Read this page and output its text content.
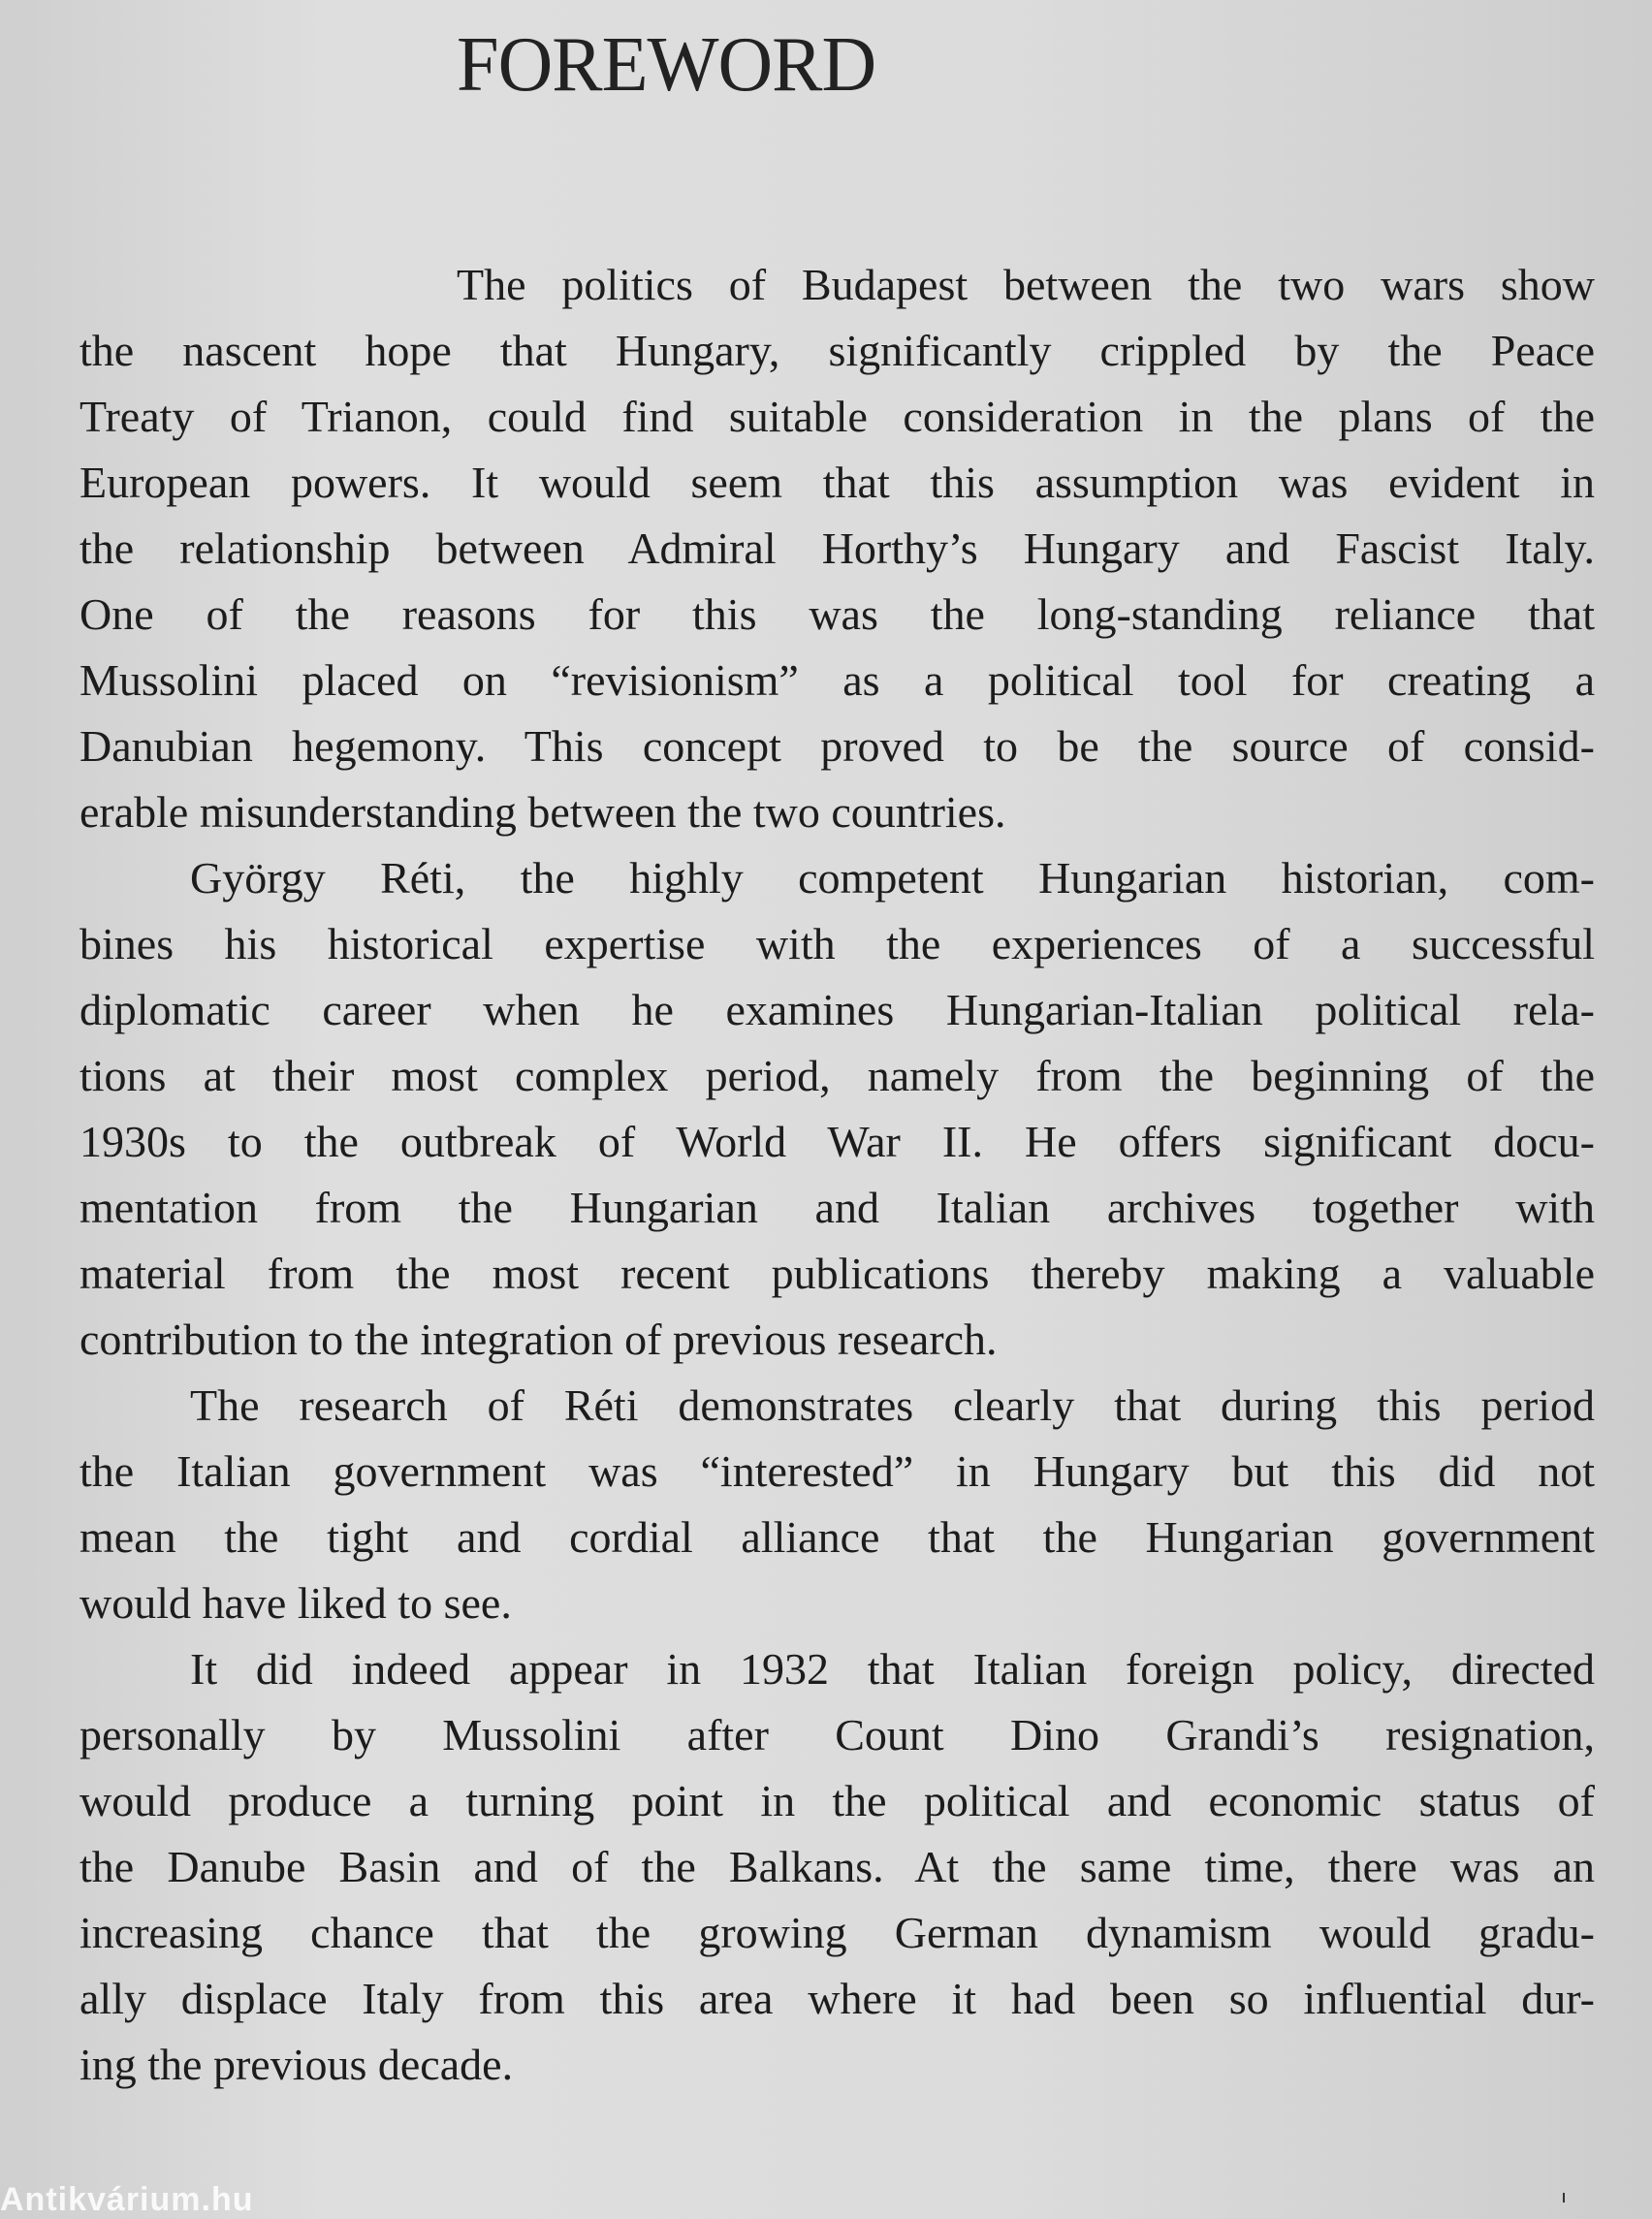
FOREWORD
The politics of Budapest between the two wars show
the nascent hope that Hungary, significantly crippled by the Peace
Treaty of Trianon, could find suitable consideration in the plans of the
European powers. It would seem that this assumption was evident in
the relationship between Admiral Horthy’s Hungary and Fascist Italy.
One of the reasons for this was the long-standing reliance that
Mussolini placed on “revisionism” as a political tool for creating a
Danubian hegemony. This concept proved to be the source of consid-
erable misunderstanding between the two countries.
György Réti, the highly competent Hungarian historian, com-
bines his historical expertise with the experiences of a successful
diplomatic career when he examines Hungarian-Italian political rela-
tions at their most complex period, namely from the beginning of the
1930s to the outbreak of World War II. He offers significant docu-
mentation from the Hungarian and Italian archives together with
material from the most recent publications thereby making a valuable
contribution to the integration of previous research.
The research of Réti demonstrates clearly that during this period
the Italian government was “interested” in Hungary but this did not
mean the tight and cordial alliance that the Hungarian government
would have liked to see.
It did indeed appear in 1932 that Italian foreign policy, directed
personally by Mussolini after Count Dino Grandi’s resignation,
would produce a turning point in the political and economic status of
the Danube Basin and of the Balkans. At the same time, there was an
increasing chance that the growing German dynamism would gradu-
ally displace Italy from this area where it had been so influential dur-
ing the previous decade.
Antikvárium.hu
